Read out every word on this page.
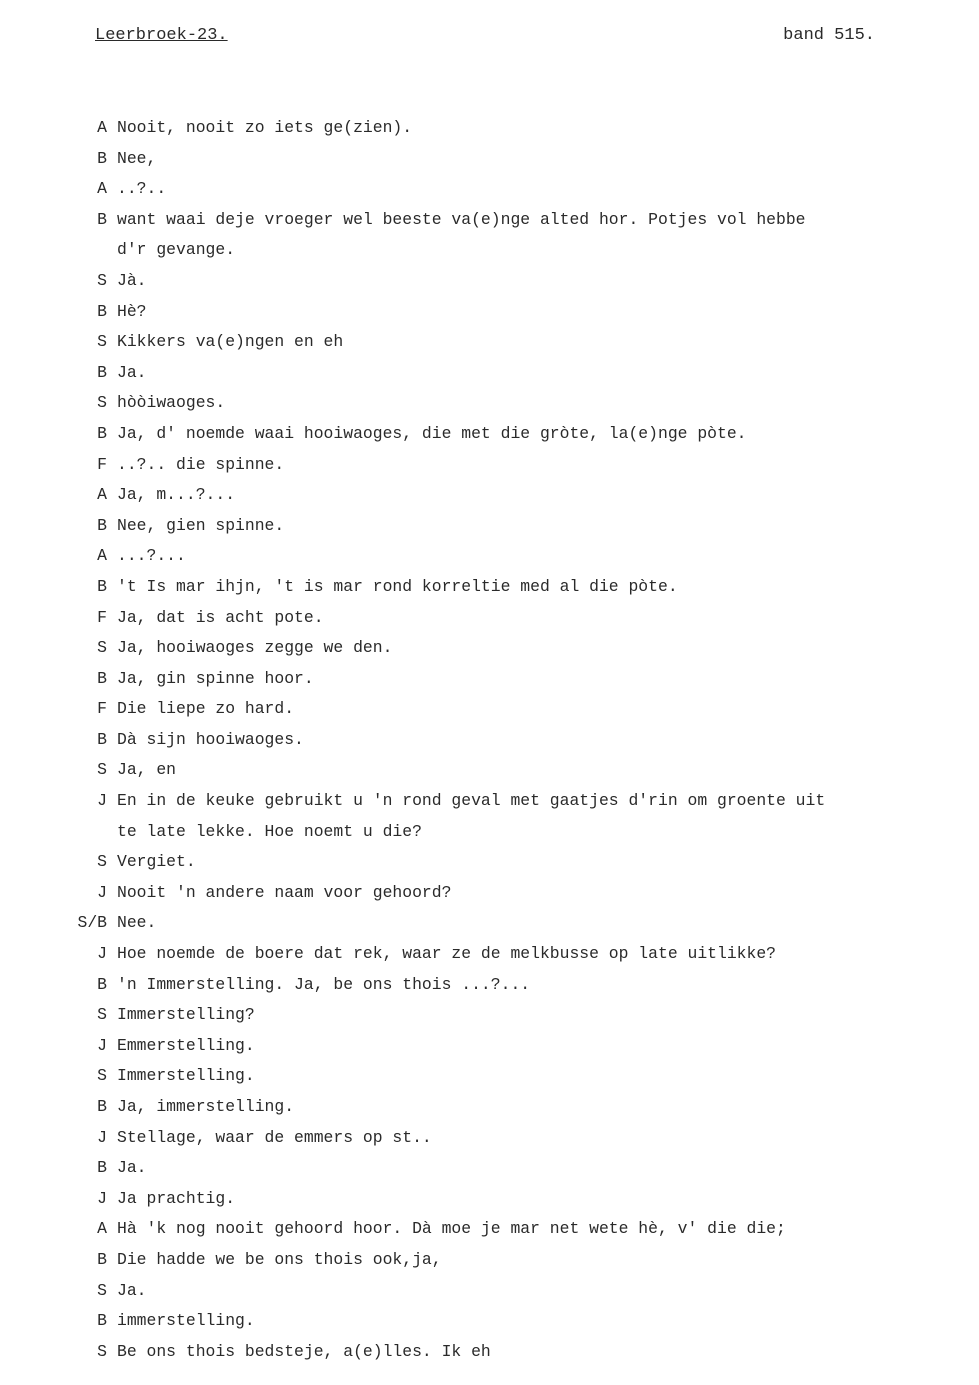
Leerbroek-23.	band 515.
A Nooit, nooit zo iets ge(zien).
B Nee,
A ..?..
B want waai deje vroeger wel beeste va(e)nge alted hor. Potjes vol hebbe
d'r gevange.
S Jà.
B Hè?
S Kikkers va(e)ngen en eh
B Ja.
S hòòiwaoges.
B Ja, d' noemde waai hooiwaoges, die met die gròte, la(e)nge pòte.
F ..?.. die spinne.
A Ja, m...?...
B Nee, gien spinne.
A ...?...
B 't Is mar ihjn, 't is mar rond korreltie med al die pòte.
F Ja, dat is acht pote.
S Ja, hooiwaoges zegge we den.
B Ja, gin spinne hoor.
F Die liepe zo hard.
B Dà sijn hooiwaoges.
S Ja, en
J En in de keuke gebruikt u 'n rond geval met gaatjes d'rin om groente uit
te late lekke. Hoe noemt u die?
S Vergiet.
J Nooit 'n andere naam voor gehoord?
S/B Nee.
J Hoe noemde de boere dat rek, waar ze de melkbusse op late uitlikke?
B 'n Immerstelling. Ja, be ons thois ...?...
S Immerstelling?
J Emmerstelling.
S Immerstelling.
B Ja, immerstelling.
J Stellage, waar de emmers op st..
B Ja.
J Ja prachtig.
A Hà 'k nog nooit gehoord hoor. Dà moe je mar net wete hè, v' die die;
B Die hadde we be ons thois ook,ja,
S Ja.
B immerstelling.
S Be ons thois bedsteje, a(e)lles. Ik eh
